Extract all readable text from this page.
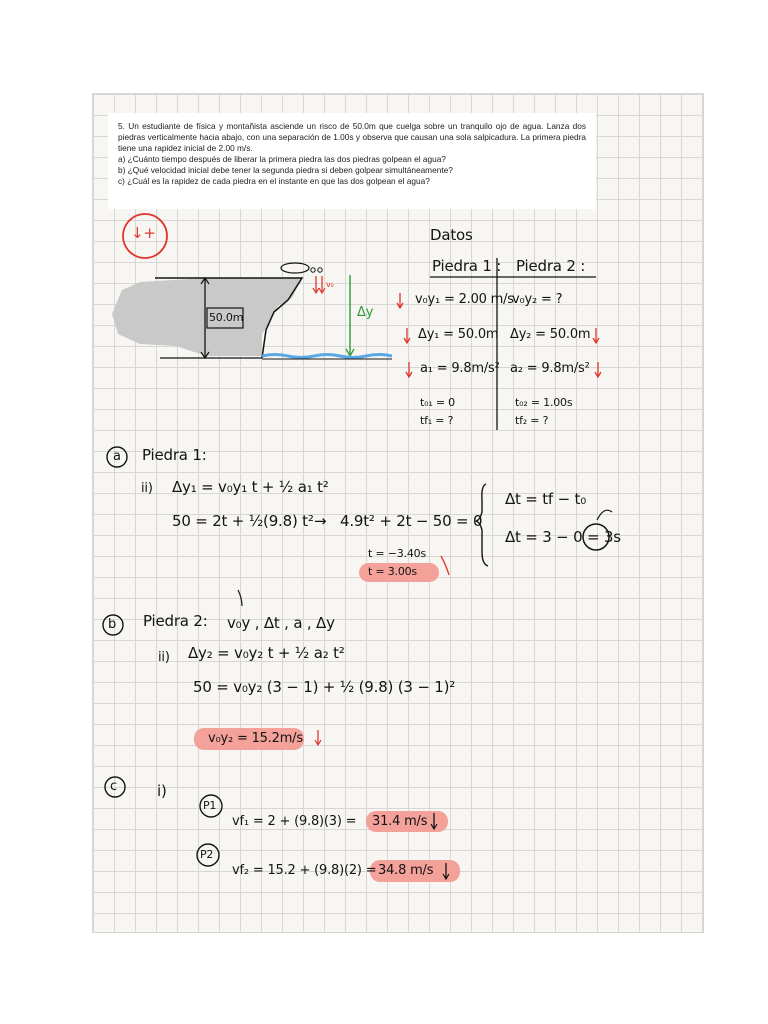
5. Un estudiante de física y montañista asciende un risco de 50.0m que cuelga sobre un tranquilo ojo de agua. Lanza dos piedras verticalmente hacia abajo, con una separación de 1.00s y observa que causan una sola salpicadura. La primera piedra tiene una rapidez inicial de 2.00 m/s.

a) ¿Cuánto tiempo después de liberar la primera piedra las dos piedras golpean el agua?

b) ¿Qué velocidad inicial debe tener la segunda piedra si deben golpear simultáneamente?

c) ¿Cuál es la rapidez de cada piedra en el instante en que las dos golpean el agua?

↓+
50.0m	Δy
v₀
Datos
Piedra 1 : Piedra 2 :
v₀y₁ = 2.00 m/s
Δy₁ = 50.0m
a₁ = 9.8m/s²
t₀₁ = 0
tf₁ = ?
v₀y₂ = ?
Δy₂ = 50.0m
a₂ = 9.8m/s²
t₀₂ = 1.00s
tf₂ = ?
a Piedra 1:
ii) Δy₁ = v₀y₁ t + ½ a₁ t²
50 = 2t + ½(9.8) t² → 4.9t² + 2t − 50 = 0
t = −3.40s
t = 3.00s
Δt = tf − t₀
Δt = 3 − 0 = 3s
b Piedra 2: v₀y , Δt , a , Δy
ii) Δy₂ = v₀y₂ t + ½ a₂ t²
50 = v₀y₂ (3 − 1) + ½ (9.8) (3 − 1)²
v₀y₂ = 15.2m/s
c	i)
P1
P2
vf₁ = 2 + (9.8)(3) = 31.4 m/s
vf₂ = 15.2 + (9.8)(2) = 34.8 m/s
